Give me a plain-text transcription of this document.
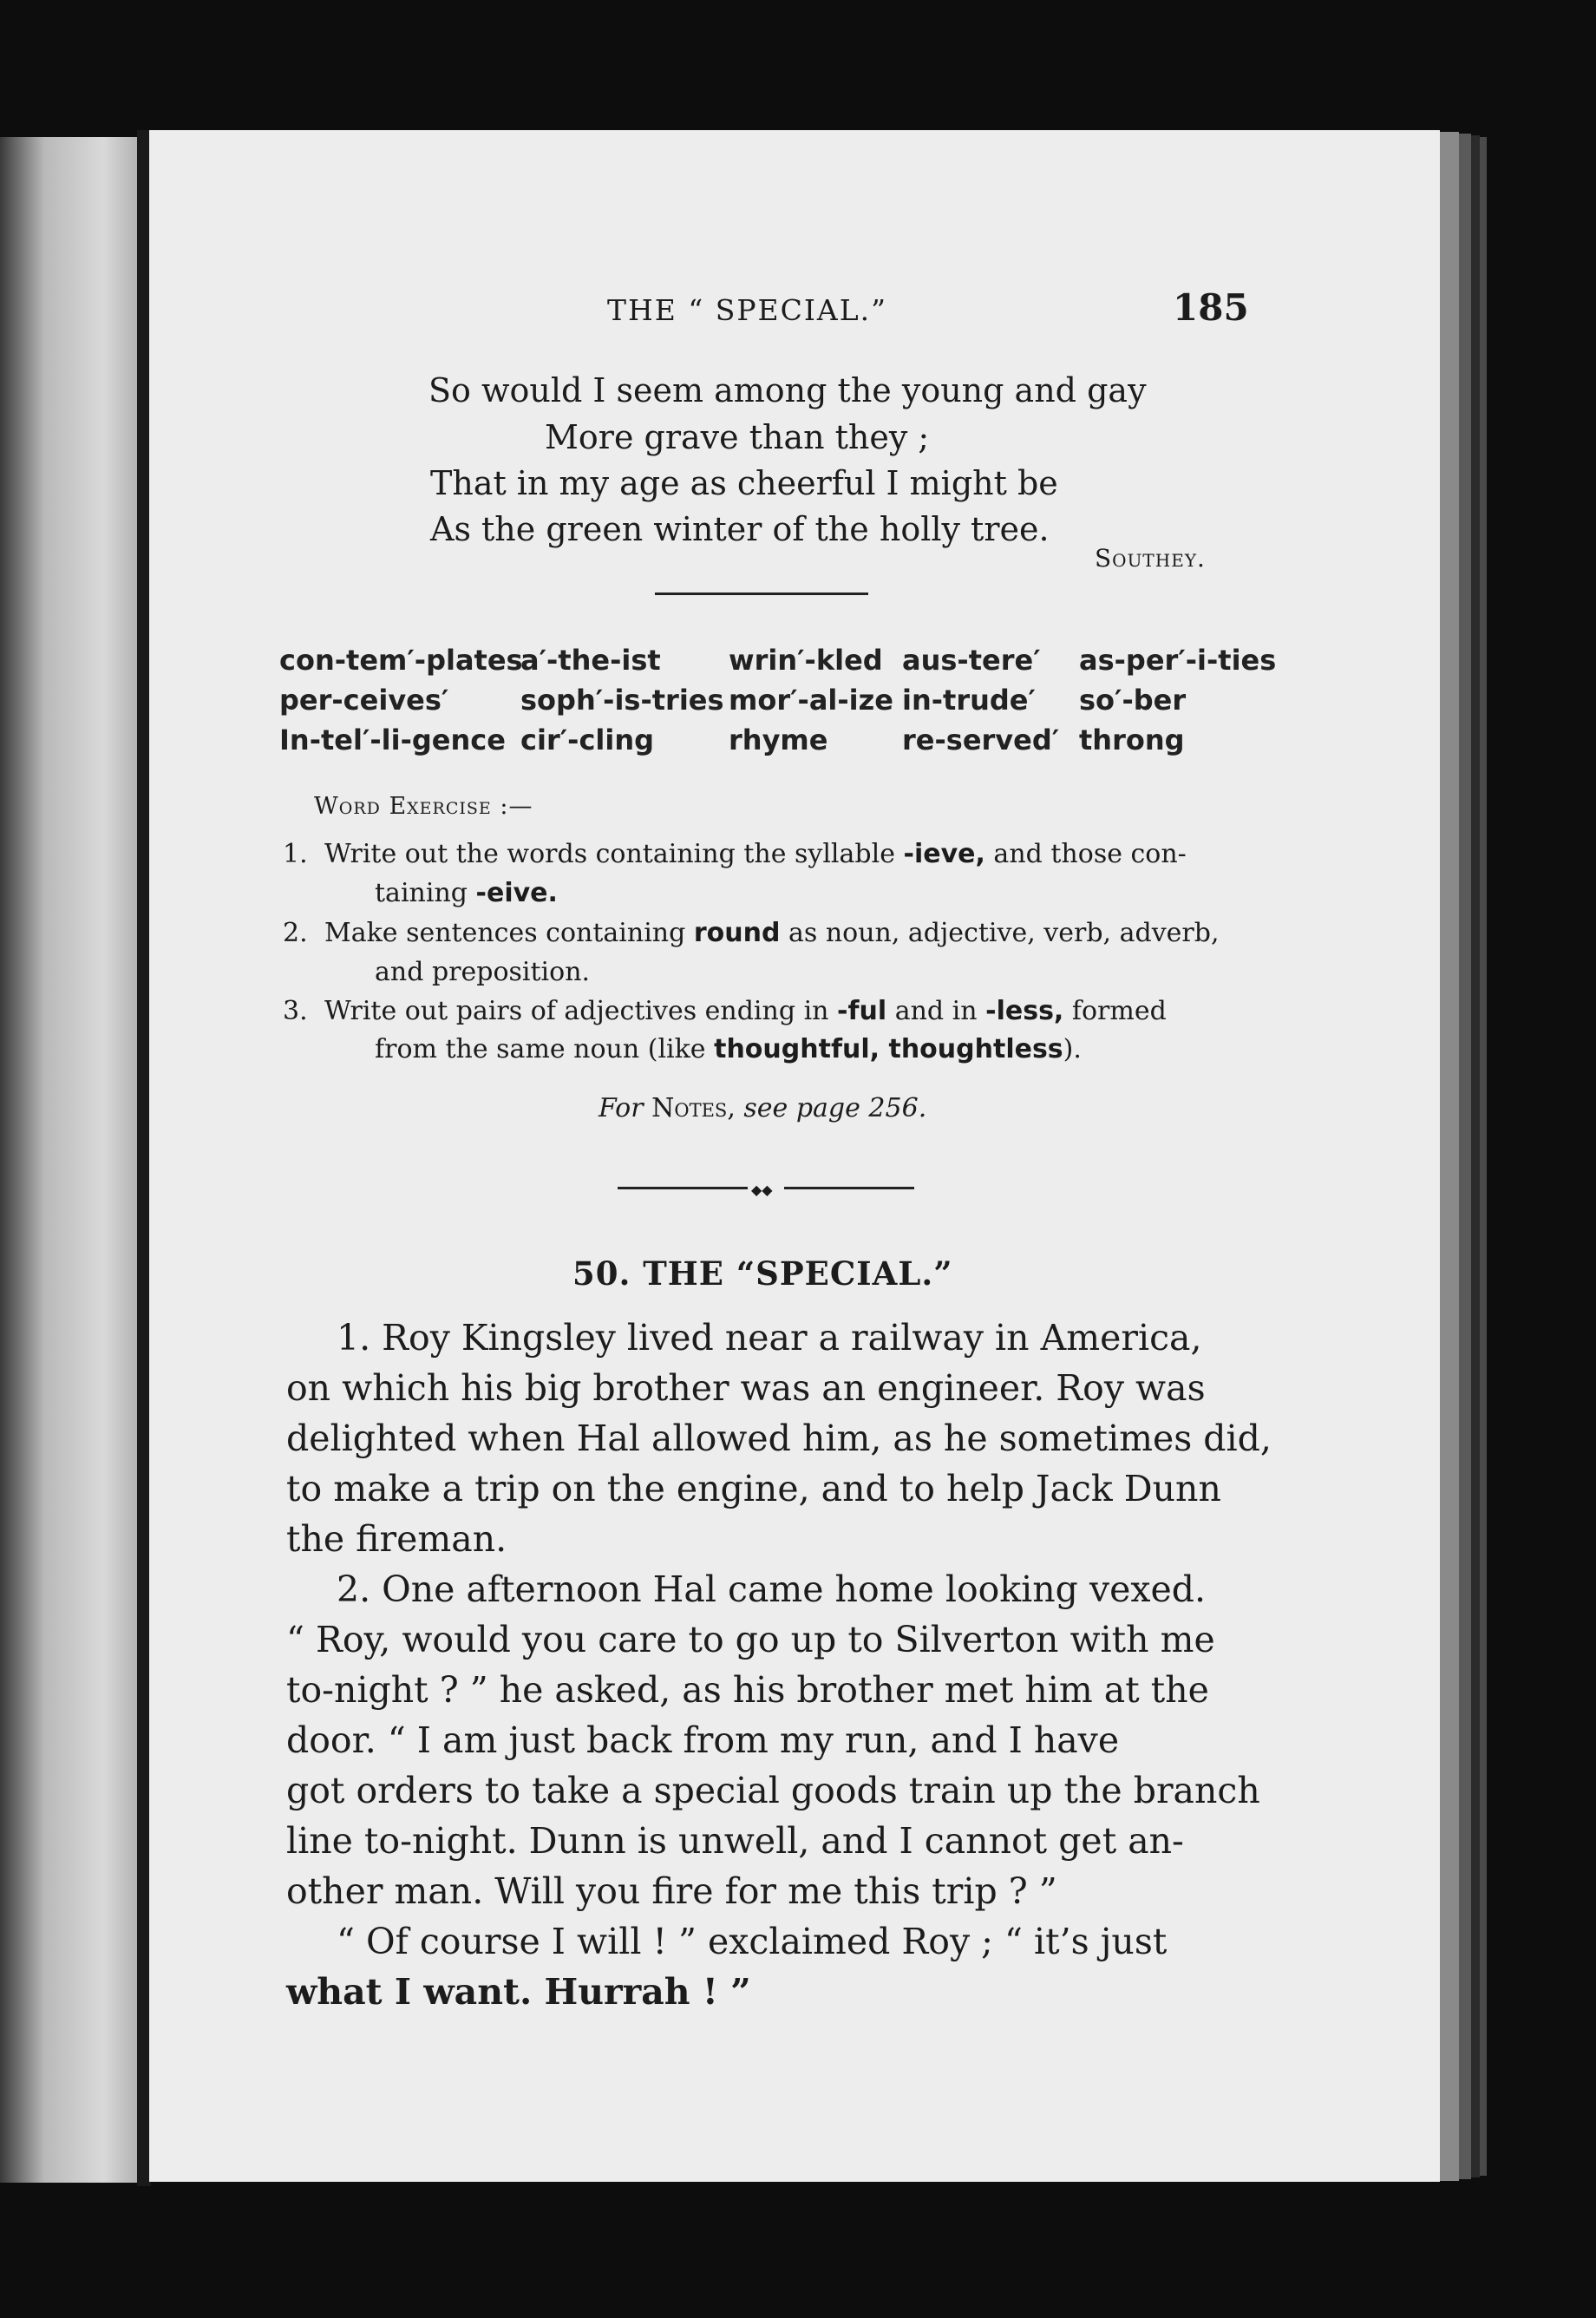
THE “ SPECIAL.”	185
So would I seem among the young and gay
More grave than they ;
That in my age as cheerful I might be
As the green winter of the holly tree.
Southey.
con-tem′-plates
per-ceives′
In-tel′-li-gence
a′-the-ist
soph′-is-tries
cir′-cling
wrin′-kled
mor′-al-ize
rhyme
aus-tere′
in-trude′
re-served′
as-per′-i-ties
so′-ber
throng
Word Exercise :—
1. Write out the words containing the syllable -ieve, and those con-
taining -eive.
2. Make sentences containing round as noun, adjective, verb, adverb,
and preposition.
3. Write out pairs of adjectives ending in -ful and in -less, formed
from the same noun (like thoughtful, thoughtless).
For Notes, see page 256.
◆◆
50. THE “SPECIAL.”
1. Roy Kingsley lived near a railway in America,
on which his big brother was an engineer. Roy was
delighted when Hal allowed him, as he sometimes did,
to make a trip on the engine, and to help Jack Dunn
the fireman.
2. One afternoon Hal came home looking vexed.
“ Roy, would you care to go up to Silverton with me
to-night ? ” he asked, as his brother met him at the
door. “ I am just back from my run, and I have
got orders to take a special goods train up the branch
line to-night. Dunn is unwell, and I cannot get an-
other man. Will you fire for me this trip ? ”
“ Of course I will ! ” exclaimed Roy ; “ it’s just
what I want. Hurrah ! ”
